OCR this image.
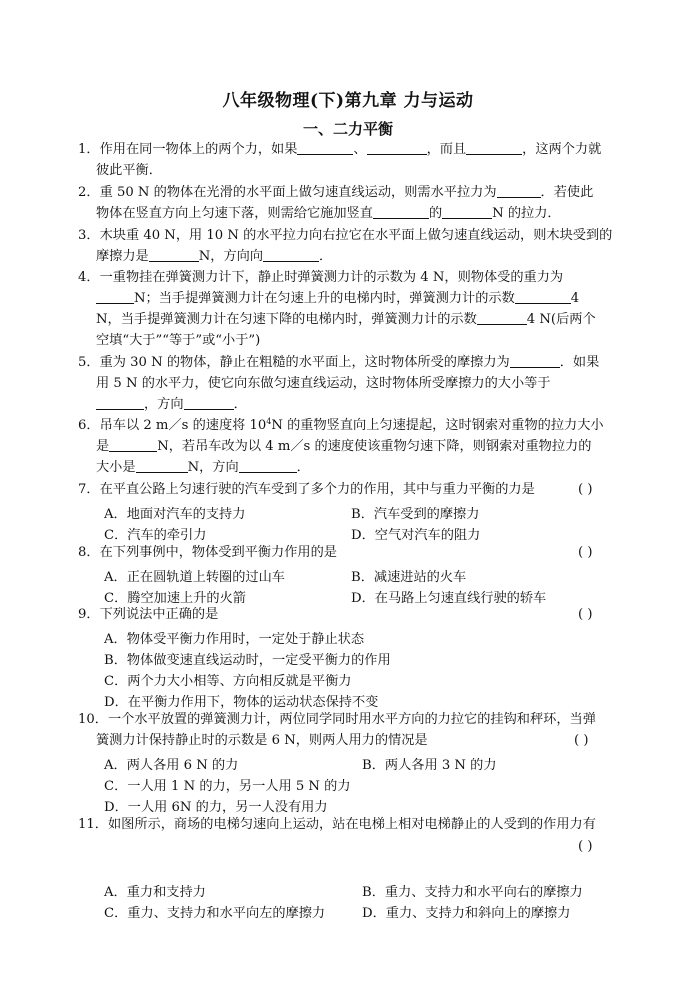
八年级物理(下)第九章 力与运动
一、二力平衡
1．作用在同一物体上的两个力，如果	、	，而且	，这两个力就
彼此平衡．
2．重 50 N 的物体在光滑的水平面上做匀速直线运动，则需水平拉力为	．若使此
物体在竖直方向上匀速下落，则需给它施加竖直	的	N 的拉力．
3．木块重 40 N，用 10 N 的水平拉力向右拉它在水平面上做匀速直线运动，则木块受到的
摩擦力是	N，方向向	．
4．一重物挂在弹簧测力计下，静止时弹簧测力计的示数为 4 N，则物体受的重力为
N；当手提弹簧测力计在匀速上升的电梯内时，弹簧测力计的示数	4
N，当手提弹簧测力计在匀速下降的电梯内时，弹簧测力计的示数	4 N(后两个
空填“大于”“等于”或“小于”)
5．重为 30 N 的物体，静止在粗糙的水平面上，这时物体所受的摩擦力为	．如果
用 5 N 的水平力，使它向东做匀速直线运动，这时物体所受摩擦力的大小等于
，方向	．
6．吊车以 2 m／s 的速度将 $10^4N$ 的重物竖直向上匀速提起，这时钢索对重物的拉力大小
是	N，若吊车改为以 4 m／s 的速度使该重物匀速下降，则钢索对重物拉力的
大小是	N，方向	．
7．在平直公路上匀速行驶的汽车受到了多个力的作用，其中与重力平衡的力是	( )
A．地面对汽车的支持力	B．汽车受到的摩擦力
C．汽车的牵引力	D．空气对汽车的阻力
8．在下列事例中，物体受到平衡力作用的是	( )
A．正在圆轨道上转圈的过山车	B．减速进站的火车
C．腾空加速上升的火箭	D．在马路上匀速直线行驶的轿车
9．下列说法中正确的是	( )
A．物体受平衡力作用时，一定处于静止状态
B．物体做变速直线运动时，一定受平衡力的作用
C．两个力大小相等、方向相反就是平衡力
D．在平衡力作用下，物体的运动状态保持不变
10．一个水平放置的弹簧测力计，两位同学同时用水平方向的力拉它的挂钩和秤环，当弹
簧测力计保持静止时的示数是 6 N，则两人用力的情况是	( )
A．两人各用 6 N 的力	B．两人各用 3 N 的力
C．一人用 1 N 的力，另一人用 5 N 的力
D．一人用 6N 的力，另一人没有用力
11．如图所示，商场的电梯匀速向上运动，站在电梯上相对电梯静止的人受到的作用力有
( )
A．重力和支持力	B．重力、支持力和水平向右的摩擦力
C．重力、支持力和水平向左的摩擦力	D．重力、支持力和斜向上的摩擦力
